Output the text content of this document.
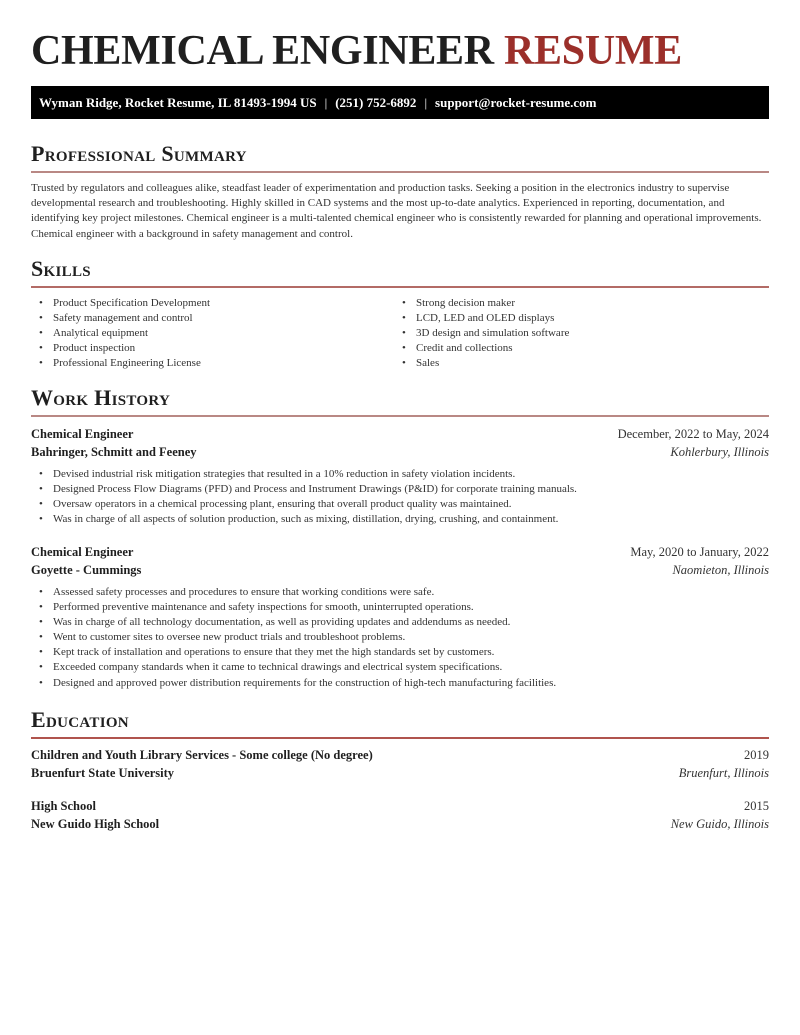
CHEMICAL ENGINEER RESUME
Wyman Ridge, Rocket Resume, IL 81493-1994 US | (251) 752-6892 | support@rocket-resume.com
Professional Summary

Trusted by regulators and colleagues alike, steadfast leader of experimentation and production tasks. Seeking a position in the electronics industry to supervise developmental research and troubleshooting. Highly skilled in CAD systems and the most up-to-date analytics. Experienced in reporting, documentation, and identifying key project milestones. Chemical engineer is a multi-talented chemical engineer who is consistently rewarded for planning and operational improvements. Chemical engineer with a background in safety management and control.

Skills
• Product Specification Development
• Safety management and control
• Analytical equipment
• Product inspection
• Professional Engineering License
• Strong decision maker
• LCD, LED and OLED displays
• 3D design and simulation software
• Credit and collections
• Sales
Work History
Chemical Engineer	December, 2022 to May, 2024
Bahringer, Schmitt and Feeney	Kohlerbury, Illinois
• Devised industrial risk mitigation strategies that resulted in a 10% reduction in safety violation incidents.
• Designed Process Flow Diagrams (PFD) and Process and Instrument Drawings (P&ID) for corporate training manuals.
• Oversaw operators in a chemical processing plant, ensuring that overall product quality was maintained.
• Was in charge of all aspects of solution production, such as mixing, distillation, drying, crushing, and containment.
Chemical Engineer	May, 2020 to January, 2022
Goyette - Cummings	Naomieton, Illinois
• Assessed safety processes and procedures to ensure that working conditions were safe.
• Performed preventive maintenance and safety inspections for smooth, uninterrupted operations.
• Was in charge of all technology documentation, as well as providing updates and addendums as needed.
• Went to customer sites to oversee new product trials and troubleshoot problems.
• Kept track of installation and operations to ensure that they met the high standards set by customers.
• Exceeded company standards when it came to technical drawings and electrical system specifications.
• Designed and approved power distribution requirements for the construction of high-tech manufacturing facilities.
Education
Children and Youth Library Services - Some college (No degree)	2019
Bruenfurt State University	Bruenfurt, Illinois
High School	2015
New Guido High School	New Guido, Illinois
